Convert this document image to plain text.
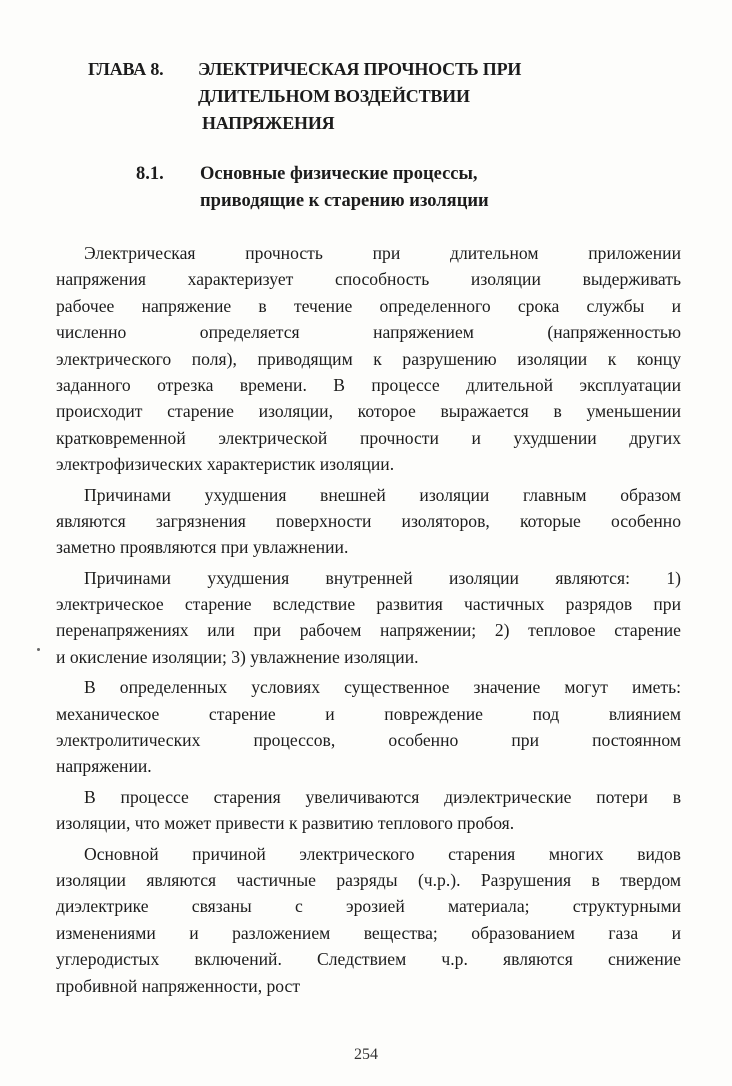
ГЛАВА 8. ЭЛЕКТРИЧЕСКАЯ ПРОЧНОСТЬ ПРИ
ДЛИТЕЛЬНОМ ВОЗДЕЙСТВИИ
НАПРЯЖЕНИЯ
8.1. Основные физические процессы,
приводящие к старению изоляции
Электрическая прочность при длительном приложении
напряжения характеризует способность изоляции выдерживать
рабочее напряжение в течение определенного срока службы и
численно определяется напряжением (напряженностью
электрического поля), приводящим к разрушению изоляции к концу
заданного отрезка времени. В процессе длительной эксплуатации
происходит старение изоляции, которое выражается в уменьшении
кратковременной электрической прочности и ухудшении других
электрофизических характеристик изоляции.
Причинами ухудшения внешней изоляции главным образом
являются загрязнения поверхности изоляторов, которые особенно
заметно проявляются при увлажнении.
Причинами ухудшения внутренней изоляции являются: 1)
электрическое старение вследствие развития частичных разрядов при
перенапряжениях или при рабочем напряжении; 2) тепловое старение
и окисление изоляции; 3) увлажнение изоляции.
В определенных условиях существенное значение могут иметь:
механическое старение и повреждение под влиянием
электролитических процессов, особенно при постоянном
напряжении.
В процессе старения увеличиваются диэлектрические потери в
изоляции, что может привести к развитию теплового пробоя.
Основной причиной электрического старения многих видов
изоляции являются частичные разряды (ч.р.). Разрушения в твердом
диэлектрике связаны с эрозией материала; структурными
изменениями и разложением вещества; образованием газа и
углеродистых включений. Следствием ч.р. являются снижение
пробивной напряженности, рост
254
